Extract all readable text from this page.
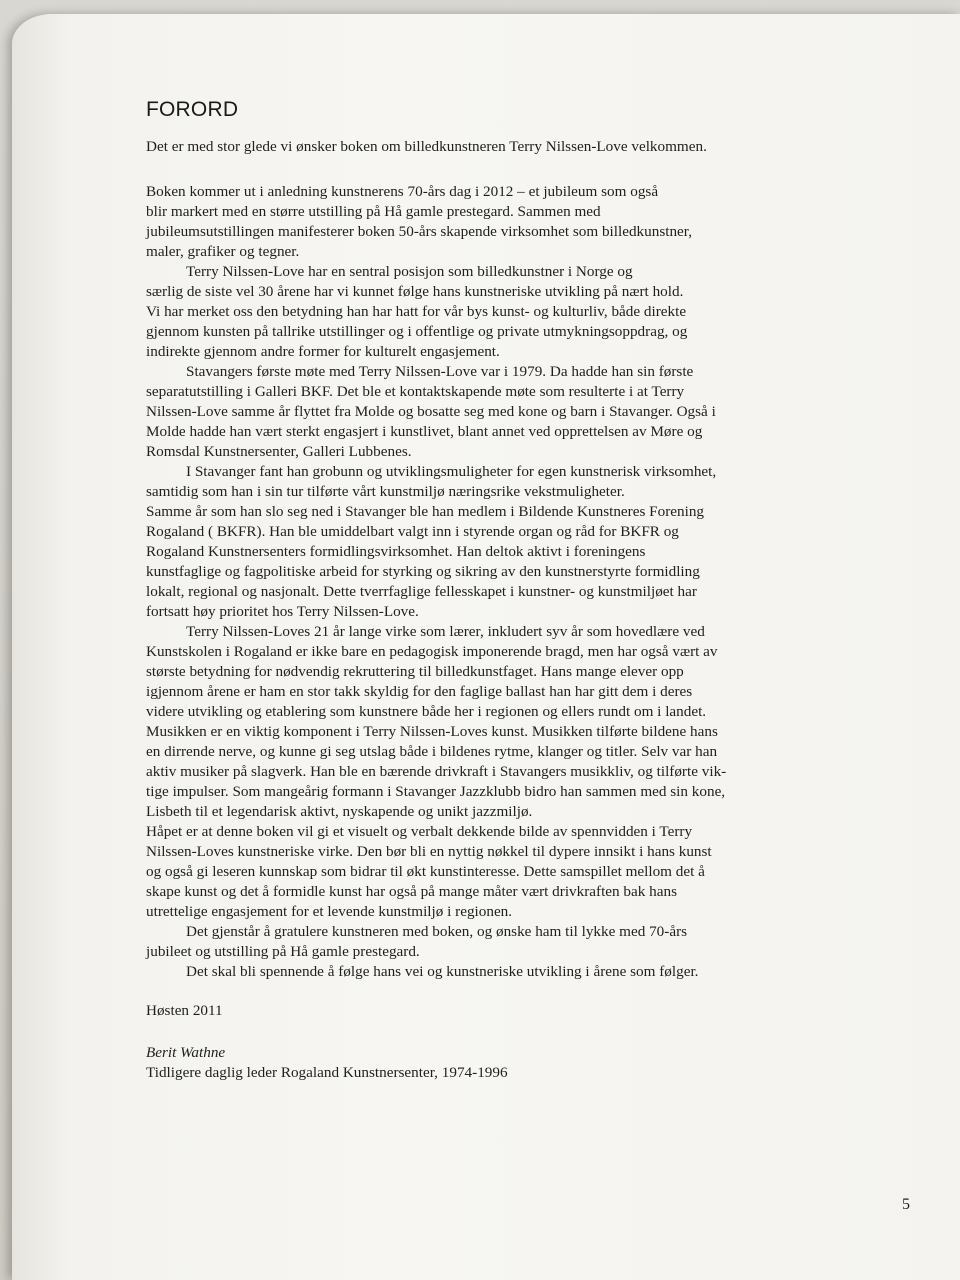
FORORD
Det er med stor glede vi ønsker boken om billedkunstneren Terry Nilssen-Love velkommen.
Boken kommer ut i anledning kunstnerens 70-års dag i 2012 – et jubileum som også
blir markert med en større utstilling på Hå gamle prestegard. Sammen med
jubileumsutstillingen manifesterer boken 50-års skapende virksomhet som billedkunstner,
maler, grafiker og tegner.
Terry Nilssen-Love har en sentral posisjon som billedkunstner i Norge og
særlig de siste vel 30 årene har vi kunnet følge hans kunstneriske utvikling på nært hold.
Vi har merket oss den betydning han har hatt for vår bys kunst- og kulturliv, både direkte
gjennom kunsten på tallrike utstillinger og i offentlige og private utmykningsoppdrag, og
indirekte gjennom andre former for kulturelt engasjement.
Stavangers første møte med Terry Nilssen-Love var i 1979. Da hadde han sin første
separatutstilling i Galleri BKF. Det ble et kontaktskapende møte som resulterte i at Terry
Nilssen-Love samme år flyttet fra Molde og bosatte seg med kone og barn i Stavanger. Også i
Molde hadde han vært sterkt engasjert i kunstlivet, blant annet ved opprettelsen av Møre og
Romsdal Kunstnersenter, Galleri Lubbenes.
I Stavanger fant han grobunn og utviklingsmuligheter for egen kunstnerisk virksomhet,
samtidig som han i sin tur tilførte vårt kunstmiljø næringsrike vekstmuligheter.
Samme år som han slo seg ned i Stavanger ble han medlem i Bildende Kunstneres Forening
Rogaland ( BKFR). Han ble umiddelbart valgt inn i styrende organ og råd for BKFR og
Rogaland Kunstnersenters formidlingsvirksomhet. Han deltok aktivt i foreningens
kunstfaglige og fagpolitiske arbeid for styrking og sikring av den kunstnerstyrte formidling
lokalt, regional og nasjonalt. Dette tverrfaglige fellesskapet i kunstner- og kunstmiljøet har
fortsatt høy prioritet hos Terry Nilssen-Love.
Terry Nilssen-Loves 21 år lange virke som lærer, inkludert syv år som hovedlære ved
Kunstskolen i Rogaland er ikke bare en pedagogisk imponerende bragd, men har også vært av
største betydning for nødvendig rekruttering til billedkunstfaget. Hans mange elever opp
igjennom årene er ham en stor takk skyldig for den faglige ballast han har gitt dem i deres
videre utvikling og etablering som kunstnere både her i regionen og ellers rundt om i landet.
Musikken er en viktig komponent i Terry Nilssen-Loves kunst. Musikken tilførte bildene hans
en dirrende nerve, og kunne gi seg utslag både i bildenes rytme, klanger og titler. Selv var han
aktiv musiker på slagverk. Han ble en bærende drivkraft i Stavangers musikkliv, og tilførte vik-
tige impulser. Som mangeårig formann i Stavanger Jazzklubb bidro han sammen med sin kone,
Lisbeth til et legendarisk aktivt, nyskapende og unikt jazzmiljø.
Håpet er at denne boken vil gi et visuelt og verbalt dekkende bilde av spennvidden i Terry
Nilssen-Loves kunstneriske virke. Den bør bli en nyttig nøkkel til dypere innsikt i hans kunst
og også gi leseren kunnskap som bidrar til økt kunstinteresse. Dette samspillet mellom det å
skape kunst og det å formidle kunst har også på mange måter vært drivkraften bak hans
utrettelige engasjement for et levende kunstmiljø i regionen.
Det gjenstår å gratulere kunstneren med boken, og ønske ham til lykke med 70-års
jubileet og utstilling på Hå gamle prestegard.
Det skal bli spennende å følge hans vei og kunstneriske utvikling i årene som følger.
Høsten 2011
Berit Wathne
Tidligere daglig leder Rogaland Kunstnersenter, 1974-1996
5
